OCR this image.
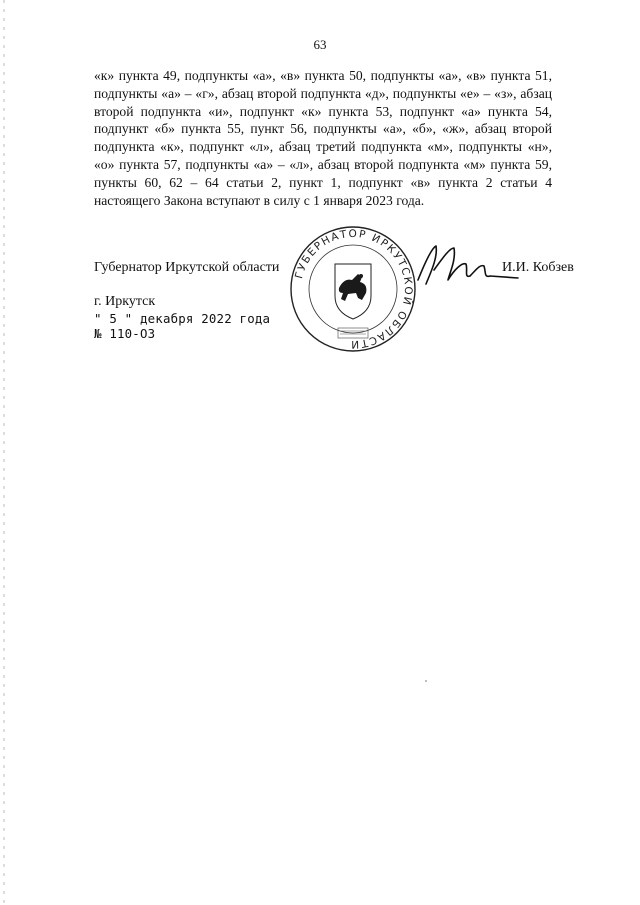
63

«к» пункта 49, подпункты «а», «в» пункта 50, подпункты «а», «в» пункта 51, подпункты «а» – «г», абзац второй подпункта «д», подпункты «е» – «з», абзац второй подпункта «и», подпункт «к» пункта 53, подпункт «а» пункта 54, подпункт «б» пункта 55, пункт 56, подпункты «а», «б», «ж», абзац второй подпункта «к», подпункт «л», абзац третий подпункта «м», подпункты «н», «о» пункта 57, подпункты «а» – «л», абзац второй подпункта «м» пункта 59, пункты 60, 62 – 64 статьи 2, пункт 1, подпункт «в» пункта 2 статьи 4 настоящего Закона вступают в силу с 1 января 2023 года.

Губернатор Иркутской области	И.И. Кобзев
г. Иркутск
" 5 " декабря 2022 года
№ 110-ОЗ
ГУБЕРНАТОР ИРКУТСКОЙ ОБЛАСТИ
